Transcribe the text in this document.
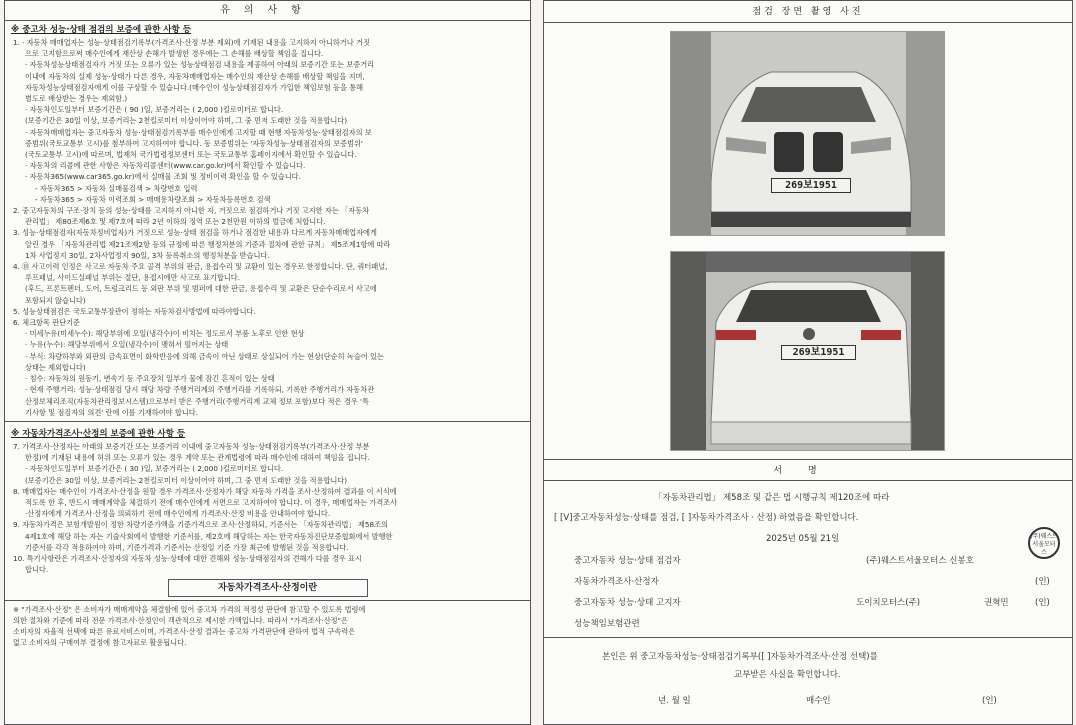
유의사항
※ 중고차 성능·상태 점검의 보증에 관한 사항 등

1. · 자동차 매매업자는 성능·상태점검기록부(가격조사·산정 부분 제외)에 기재된 내용을 고지하지 아니하거나 거짓

으로 고지함으로써 매수인에게 재산상 손해가 발생한 경우에는 그 손해를 배상할 책임을 집니다.

· 자동차성능상태점검자가 거짓 또는 오류가 있는 성능상태점검 내용을 제공하여 아래의 보증기간 또는 보증거리

이내에 자동차의 실제 성능·상태가 다른 경우, 자동차매매업자는 매수인의 재산상 손해를 배상할 책임을 지며,

자동차성능상태점검자에게 이를 구상할 수 있습니다.(매수인이 성능상태점검자가 가입한 책임보험 등을 통해

별도로 배상받는 경우는 제외함.)

· 자동차인도일부터 보증기간은 ( 90 )일, 보증거리는 ( 2,000 )킬로미터로 합니다.

(보증기간은 30일 이상, 보증거리는 2천킬로미터 이상이어야 하며, 그 중 먼저 도래한 것을 적용합니다)

· 자동차매매업자는 중고자동차 성능·상태점검기록부를 매수인에게 고지할 때 현행 자동차성능·상태점검자의 보

증범위(국토교통부 고시)를 첨부하여 고지하여야 합니다. 동 보증범위는 '자동차성능·상태점검자의 보증범위'

(국토교통부 고시)에 따르며, 법제처 국가법령정보센터 또는 국토교통부 홈페이지에서 확인할 수 있습니다.

· 자동차의 리콜에 관한 사항은 자동차리콜센터(www.car.go.kr)에서 확인할 수 있습니다.

· 자동차365(www.car365.go.kr)에서 실매물 조회 및 정비이력 확인을 할 수 있습니다.

- 자동차365 > 자동차 실매물검색 > 차량번호 입력

- 자동차365 > 자동차 이력조회 > 매매용차량조회 > 자동차등록번호 검색

2. 중고자동차의 구조·장치 등의 성능·상태를 고지하지 아니한 자, 거짓으로 점검하거나 거짓 고지한 자는 「자동차

관리법」 제80조제6호 및 제7호에 따라 2년 이하의 징역 또는 2천만원 이하의 벌금에 처합니다.

3. 성능·상태점검자(자동차정비업자)가 거짓으로 성능·상태 점검을 하거나 점검한 내용과 다르게 자동차매매업자에게

알린 경우 「자동차관리법 제21조제2항 등의 규정에 따른 행정처분의 기준과 절차에 관한 규칙」 제5조제1항에 따라

1차 사업정지 30일, 2차사업정지 90일, 3차 등록취소의 행정처분을 받습니다.

4. ⑱ 사고이력 인정은 사고로 자동차 주요 골격 부위의 판금, 용접수리 및 교환이 있는 경우로 한정합니다. 단, 쿼터패널,

루프패널, 사이드실패널 부위는 절단, 용접시에만 사고로 표기합니다.

(후드, 프론트펜더, 도어, 트렁크리드 등 외판 부위 및 범퍼에 대한 판금, 용접수리 및 교환은 단순수리로서 사고에

포함되지 않습니다)

5. 성능상태점검은 국토교통부장관이 정하는 자동차검사방법에 따라야합니다.

6. 체크항목 판단기준

· 미세누유(미세누수): 해당부위에 오일(냉각수)이 비치는 정도로서 부품 노후로 인한 현상

· 누유(누수): 해당부위에서 오일(냉각수)이 맺혀서 떨어지는 상태

· 부식: 차량하부와 외판의 금속표면이 화학반응에 의해 금속이 아닌 상태로 상실되어 가는 현상(단순히 녹슬어 있는

상태는 제외합니다)

· 침수: 자동차의 원동기, 변속기 등 주요장치 일부가 물에 잠긴 흔적이 있는 상태

· 현재 주행거리: 성능·상태점검 당시 해당 차량 주행거리계의 주행거리를 기록하되, 기록한 주행거리가 자동차관

산정보체리조직(자동차관리정보시스템)으로부터 받은 주행거리(주행거리계 교체 정보 포함)보다 적은 경우 '특

기사항 및 점검자의 의견' 란에 이를 기재하여야 합니다.

※ 자동차가격조사·산정의 보증에 관한 사항 등

7. 가격조사·산정자는 아래의 보증기간 또는 보증거리 이내에 중고자동차 성능·상태점검기록부(가격조사·산정 부분

한정)에 기재된 내용에 허위 또는 오류가 있는 경우 계약 또는 관계법령에 따라 매수인에 대하여 책임을 집니다.

· 자동차인도일부터 보증기간은 ( 30 )일, 보증거리는 ( 2,000 )킬로미터로 합니다.

(보증기간은 30일 이상, 보증거리는 2천킬로미터 이상이어야 하며, 그 중 먼저 도래한 것을 적용합니다)

8. 매매업자는 매수인이 가격조사·산정을 원할 경우 가격조사·산정자가 해당 자동차 가격을 조사·산정하여 결과를 이 서식에

적도록 한 후, 반드시 매매계약을 체결하기 전에 매수인에게 서면으로 고지하여야 합니다. 이 경우, 매매업자는 가격조사

·산정자에게 가격조사·산정을 의뢰하기 전에 매수인에게 가격조사·산정 비용을 안내하여야 합니다.

9. 자동차가격은 보험개발원이 정한 차량기준가액을 기준가격으로 조사·산정하되, 기준서는 「자동차관리법」 제58조의

4제1호에 해당 하는 자는 기술사회에서 발행한 기준서를, 제2호에 해당하는 자는 한국자동차진단보증협회에서 발행한

기준서를 각각 적용하여야 하며, 기준가격과 기준서는 산정일 기준 가장 최근에 발행된 것을 적용합니다.

10. 특기사항란은 가격조사·산정자의 자동차 성능·상태에 대한 견해와 성능·상태점검자의 견해가 다를 경우 표시

합니다.

자동차가격조사·산정이란

※ "가격조사·산정" 은 소비자가 매매계약을 체결함에 있어 중고차 가격의 적정성 판단에 참고할 수 있도록 법령에

의한 절차와 기준에 따라 전문 가격조사·산정인이 객관적으로 제시한 가액입니다. 따라서 "가격조사·산정"은

소비자의 자율적 선택에 따른 유료서비스이며, 가격조사·산정 결과는 중고차 가격판단에 관하여 법적 구속력은

없고 소비자의 구매여부 결정에 참고자료로 활용됩니다.

점검 장면 촬영 사진
269보1951
269보1951
서명
「자동차관리법」 제58조 및 같은 법 시행규칙 제120조에 따라
[ [V]중고자동차성능·상태를 점검, [ ]자동차가격조사 · 산정) 하였음을 확인합니다.
2025년 05월 21일
중고자동차 성능·상태 점검자	(주)웨스트서울모터스 신봉호
자동차가격조사·산정자	(인)
중고자동차 성능·상태 고지자	도이치모터스(주)	권혁민	(인)
성능책임보험관련
(주)웨스트 서울모터스
본인은 위 중고자동차성능·상태점검기록부([ ]자동차가격조사·산정 선택)를
교부받은 사실을 확인합니다.
년. 월 일	매수인	(인)
